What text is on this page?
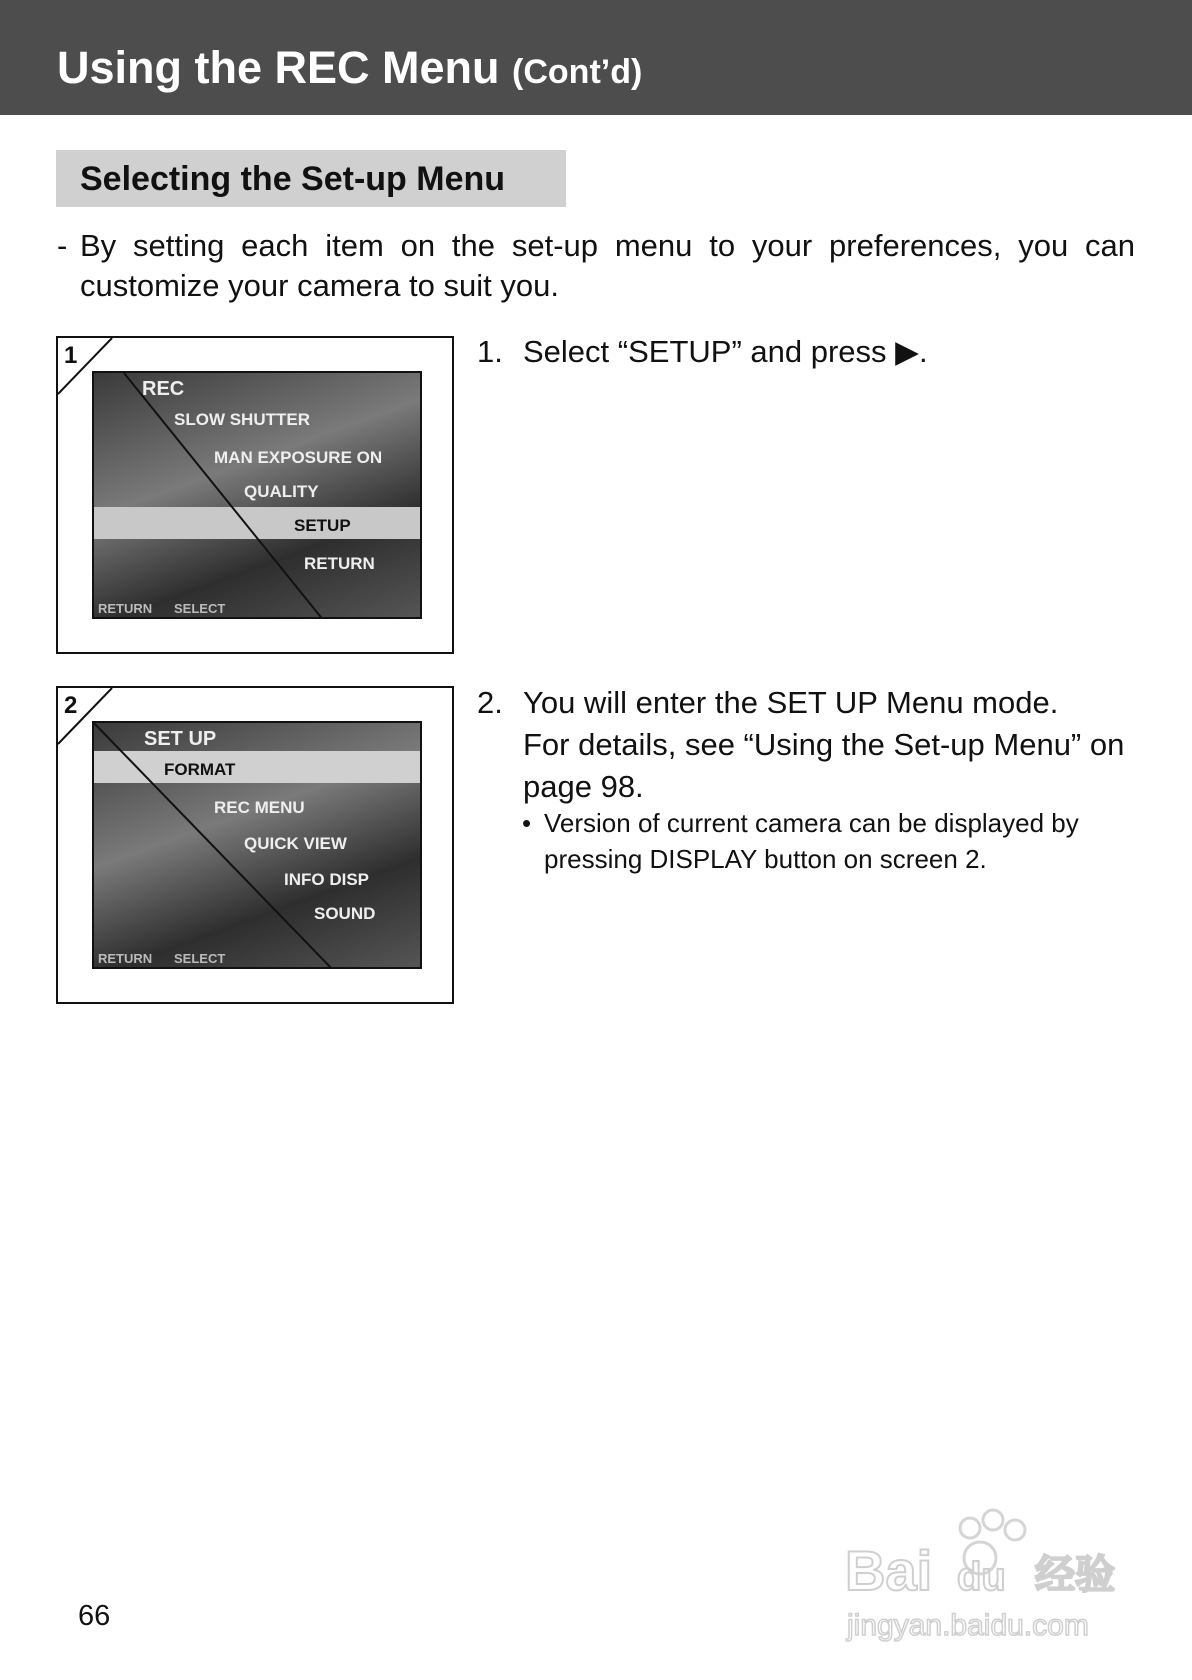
Using the REC Menu (Cont’d)
Selecting the Set-up Menu
- By setting each item on the set-up menu to your preferences, you can customize your camera to suit you.

1
REC
SLOW SHUTTER
MAN EXPOSURE ON
QUALITY
SETUP
RETURN
RETURN SELECT
2
SET UP
FORMAT
REC MENU
QUICK VIEW
INFO DISP
SOUND
RETURN SELECT
1. Select “SETUP” and press ▶.
2. You will enter the SET UP Menu mode.
For details, see “Using the Set-up Menu” on
page 98.
• Version of current camera can be displayed by
pressing DISPLAY button on screen 2.
66
Bai du 经验
jingyan.baidu.com
